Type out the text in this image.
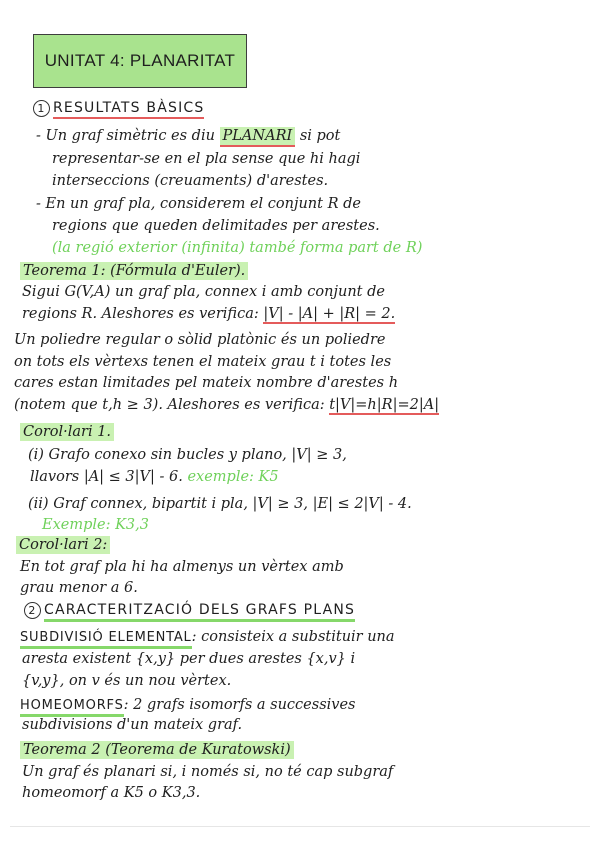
UNITAT 4: PLANARITAT
1 RESULTATS BÀSICS
- Un graf simètric es diu PLANARI si pot
representar-se en el pla sense que hi hagi
interseccions (creuaments) d'arestes.
- En un graf pla, considerem el conjunt R de
regions que queden delimitades per arestes.
(la regió exterior (infinita) també forma part de R)
Teorema 1: (Fórmula d'Euler).
Sigui G(V,A) un graf pla, connex i amb conjunt de
regions R. Aleshores es verifica: |V| - |A| + |R| = 2.
Un poliedre regular o sòlid platònic és un poliedre
on tots els vèrtexs tenen el mateix grau t i totes les
cares estan limitades pel mateix nombre d'arestes h
(notem que t,h ≥ 3). Aleshores es verifica: t|V|=h|R|=2|A|
Corol·lari 1.
(i) Grafo conexo sin bucles y plano, |V| ≥ 3,
llavors |A| ≤ 3|V| - 6. exemple: K5
(ii) Graf connex, bipartit i pla, |V| ≥ 3, |E| ≤ 2|V| - 4.
Exemple: K3,3
Corol·lari 2:
En tot graf pla hi ha almenys un vèrtex amb
grau menor a 6.
2 CARACTERITZACIÓ DELS GRAFS PLANS
SUBDIVISIÓ ELEMENTAL: consisteix a substituir una
aresta existent {x,y} per dues arestes {x,v} i
{v,y}, on v és un nou vèrtex.
HOMEOMORFS: 2 grafs isomorfs a successives
subdivisions d'un mateix graf.
Teorema 2 (Teorema de Kuratowski)
Un graf és planari si, i només si, no té cap subgraf
homeomorf a K5 o K3,3.
